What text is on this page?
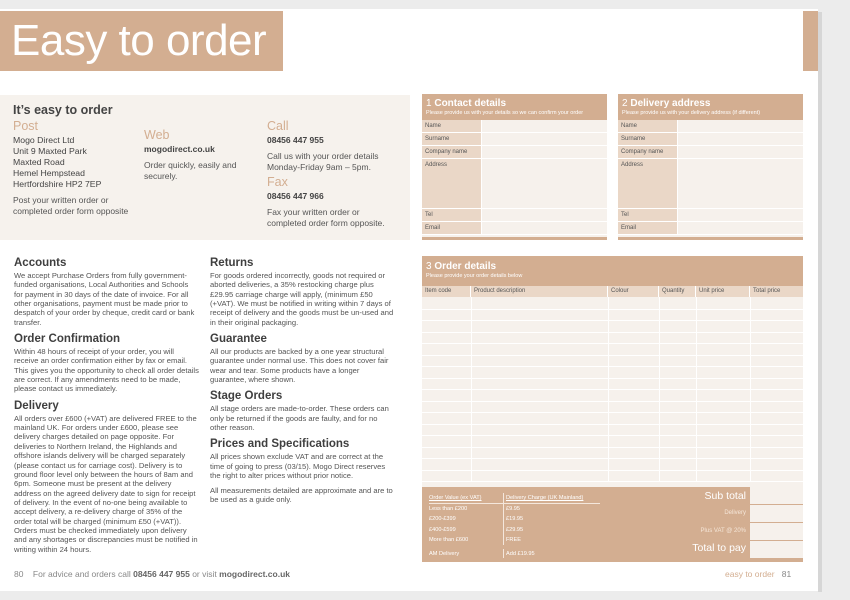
Easy to order
It’s easy to order
Post
Mogo Direct Ltd
Unit 9 Maxted Park
Maxted Road
Hemel Hempstead
Hertfordshire HP2 7EP

Post your written order or completed order form opposite

Web
mogodirect.co.uk

Order quickly, easily and securely.

Call
08456 447 955

Call us with your order details Monday-Friday 9am – 5pm.

Fax
08456 447 966

Fax your written order or completed order form opposite.

Accounts

We accept Purchase Orders from fully government-funded organisations, Local Authorities and Schools for payment in 30 days of the date of invoice. For all other organisations, payment must be made prior to despatch of your order by cheque, credit card or bank transfer.

Order Confirmation

Within 48 hours of receipt of your order, you will receive an order confirmation either by fax or email. This gives you the opportunity to check all order details are correct. If any amendments need to be made, please contact us immediately.

Delivery

All orders over £600 (+VAT) are delivered FREE to the mainland UK. For orders under £600, please see delivery charges detailed on page opposite. For deliveries to Northern Ireland, the Highlands and offshore islands delivery will be charged separately (please contact us for carriage cost). Delivery is to ground floor level only between the hours of 8am and 6pm. Someone must be present at the delivery address on the agreed delivery date to sign for receipt of delivery. In the event of no-one being available to accept delivery, a re-delivery charge of 35% of the order total will be charged (minimum £50 (+VAT)). Orders must be checked immediately upon delivery and any shortages or discrepancies must be notified in writing within 24 hours.

Returns

For goods ordered incorrectly, goods not required or aborted deliveries, a 35% restocking charge plus £29.95 carriage charge will apply, (minimum £50 (+VAT). We must be notified in writing within 7 days of receipt of delivery and the goods must be un-used and in their original packaging.

Guarantee

All our products are backed by a one year structural guarantee under normal use. This does not cover fair wear and tear. Some products have a longer guarantee, where shown.

Stage Orders

All stage orders are made-to-order. These orders can only be returned if the goods are faulty, and for no other reason.

Prices and Specifications

All prices shown exclude VAT and are correct at the time of going to press (03/15). Mogo Direct reserves the right to alter prices without prior notice.

All measurements detailed are approximate and are to be used as a guide only.

80 For advice and orders call 08456 447 955 or visit mogodirect.co.uk	easy to order 81
1 Contact details
Please provide us with your details so we can confirm your order
Name
Surname
Company name
Address
Tel
Email
2 Delivery address
Please provide us with your delivery address (if different)
Name
Surname
Company name
Address
Tel
Email
3 Order details
Please provide your order details below
Item code	Product description	Colour	Quantity	Unit price	Total price
Order Value (ex VAT)	Delivery Charge (UK Mainland)
Less than £200	£9.95
£200-£399	£19.95
£400-£599	£29.95
More than £600	FREE
AM Delivery	Add £19.95
Sub total
Delivery
Plus VAT @ 20%
Total to pay
